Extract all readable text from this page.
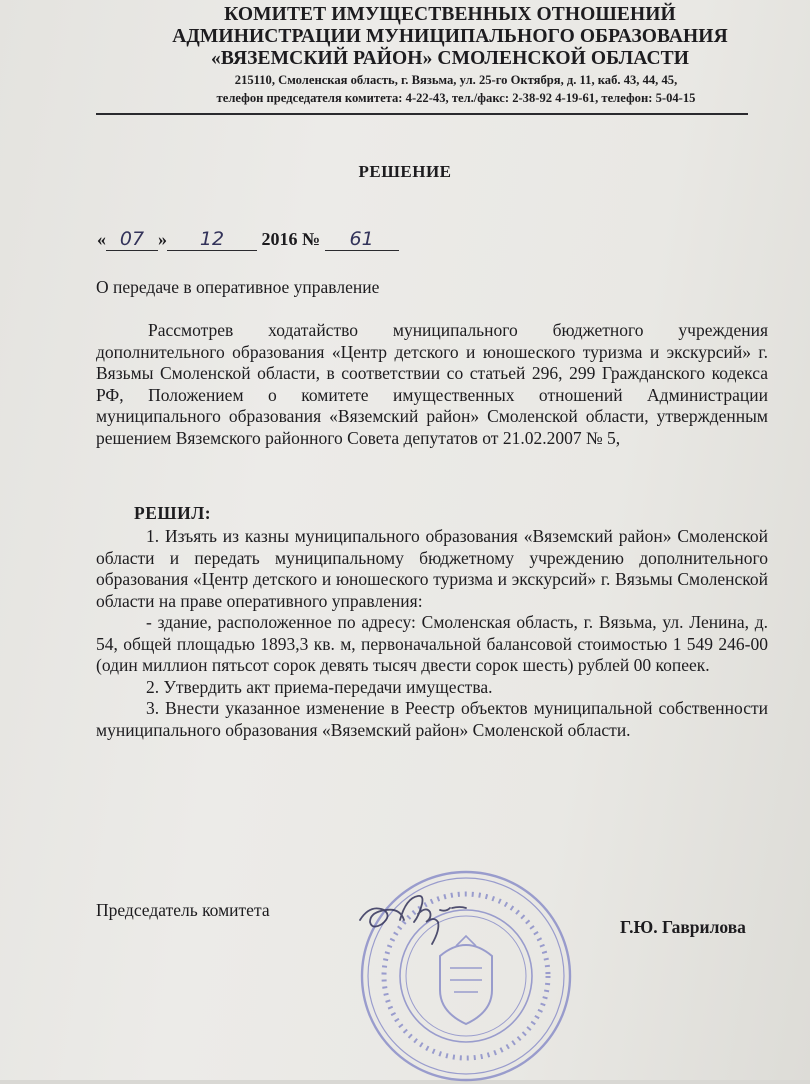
КОМИТЕТ ИМУЩЕСТВЕННЫХ ОТНОШЕНИЙ
АДМИНИСТРАЦИИ МУНИЦИПАЛЬНОГО ОБРАЗОВАНИЯ
«ВЯЗЕМСКИЙ РАЙОН» СМОЛЕНСКОЙ ОБЛАСТИ
215110, Смоленская область, г. Вязьма, ул. 25-го Октября, д. 11, каб. 43, 44, 45,
телефон председателя комитета: 4-22-43, тел./факс: 2-38-92 4-19-61, телефон: 5-04-15
РЕШЕНИЕ
« 07 » 12 2016 № 61
О передаче в оперативное управление
Рассмотрев ходатайство муниципального бюджетного учреждения дополнительного образования «Центр детского и юношеского туризма и экскурсий» г. Вязьмы Смоленской области, в соответствии со статьей 296, 299 Гражданского кодекса РФ, Положением о комитете имущественных отношений Администрации муниципального образования «Вяземский район» Смоленской области, утвержденным решением Вяземского районного Совета депутатов от 21.02.2007 № 5,
РЕШИЛ:

1. Изъять из казны муниципального образования «Вяземский район» Смоленской области и передать муниципальному бюджетному учреждению дополнительного образования «Центр детского и юношеского туризма и экскурсий» г. Вязьмы Смоленской области на праве оперативного управления:

- здание, расположенное по адресу: Смоленская область, г. Вязьма, ул. Ленина, д. 54, общей площадью 1893,3 кв. м, первоначальной балансовой стоимостью 1 549 246-00 (один миллион пятьсот сорок девять тысяч двести сорок шесть) рублей 00 копеек.

2. Утвердить акт приема-передачи имущества.

3. Внести указанное изменение в Реестр объектов муниципальной собственности муниципального образования «Вяземский район» Смоленской области.

Председатель комитета
Г.Ю. Гаврилова
